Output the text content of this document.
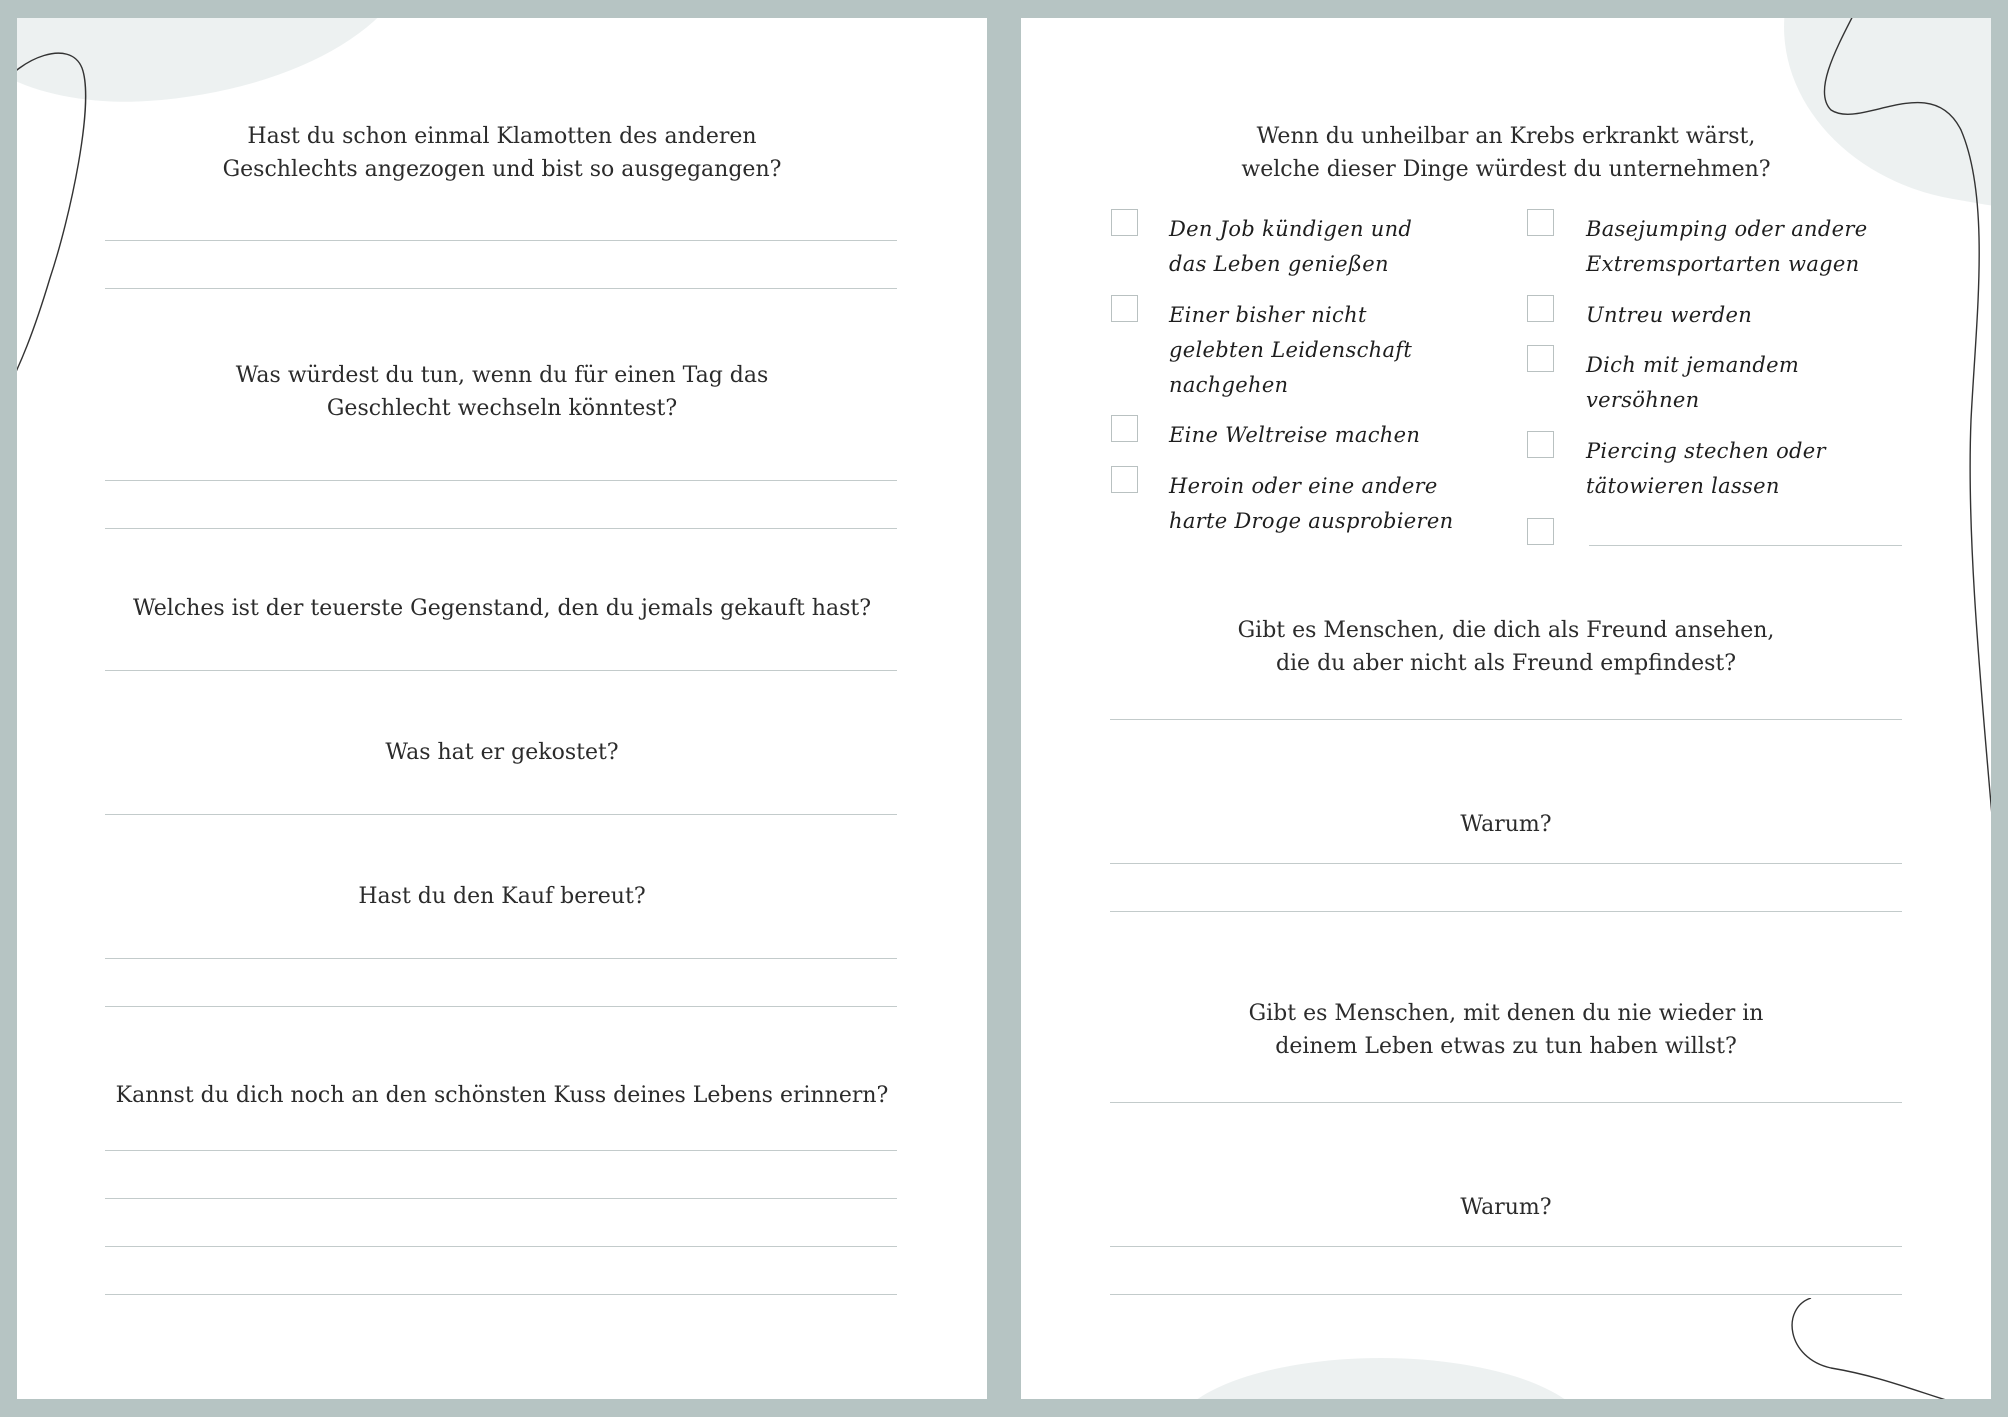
Hast du schon einmal Klamotten des anderen
Geschlechts angezogen und bist so ausgegangen?
Was würdest du tun, wenn du für einen Tag das
Geschlecht wechseln könntest?
Welches ist der teuerste Gegenstand, den du jemals gekauft hast?
Was hat er gekostet?
Hast du den Kauf bereut?
Kannst du dich noch an den schönsten Kuss deines Lebens erinnern?
Wenn du unheilbar an Krebs erkrankt wärst,
welche dieser Dinge würdest du unternehmen?
Den Job kündigen und
das Leben genießen
Einer bisher nicht
gelebten Leidenschaft
nachgehen
Eine Weltreise machen
Heroin oder eine andere
harte Droge ausprobieren
Basejumping oder andere
Extremsportarten wagen
Untreu werden
Dich mit jemandem
versöhnen
Piercing stechen oder
tätowieren lassen
Gibt es Menschen, die dich als Freund ansehen,
die du aber nicht als Freund empfindest?
Warum?
Gibt es Menschen, mit denen du nie wieder in
deinem Leben etwas zu tun haben willst?
Warum?
